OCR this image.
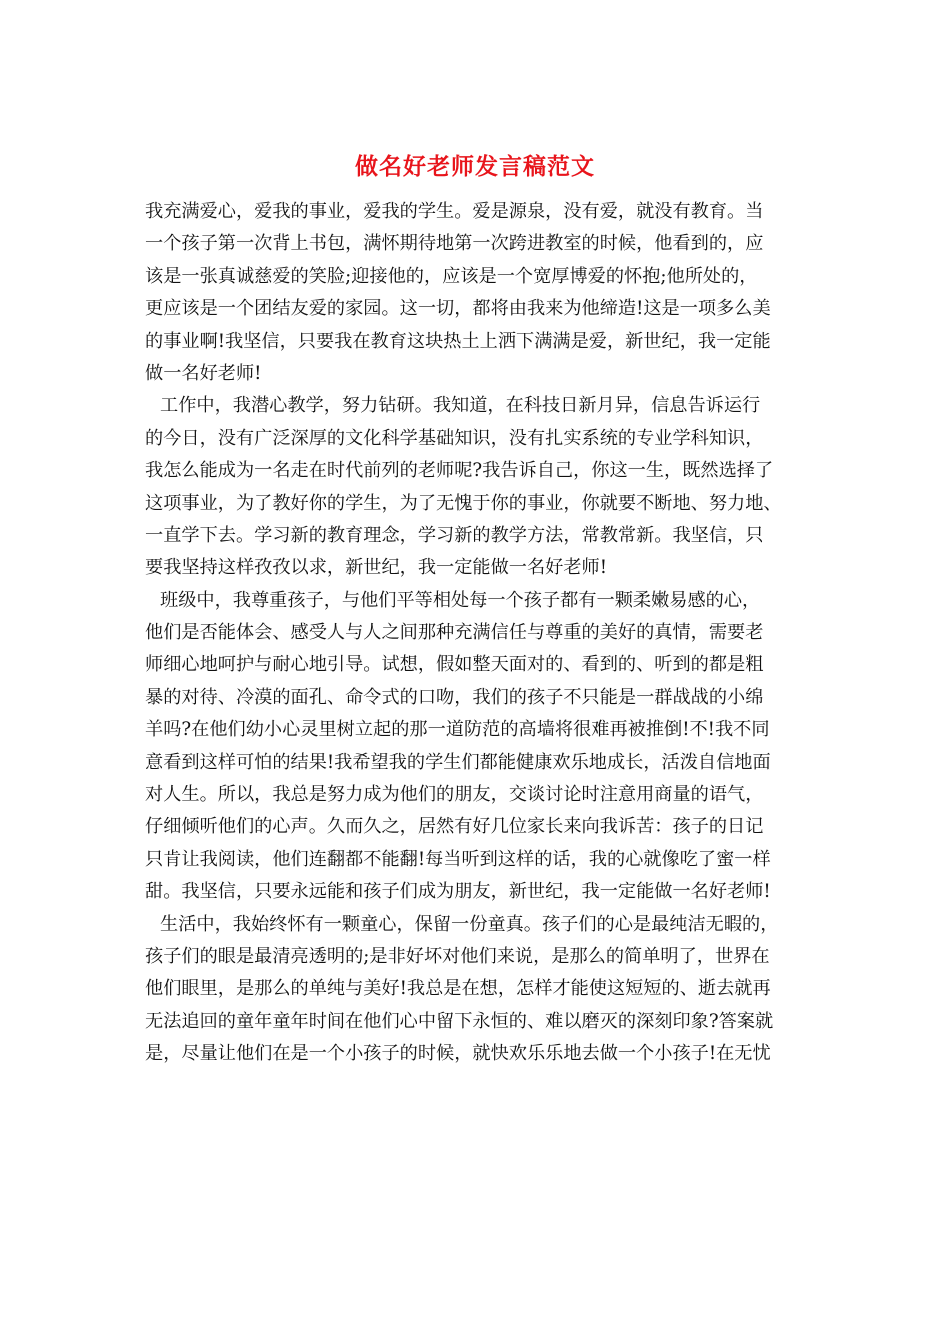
做名好老师发言稿范文
我充满爱心，爱我的事业，爱我的学生。爱是源泉，没有爱，就没有教育。当
一个孩子第一次背上书包，满怀期待地第一次跨进教室的时候，他看到的，应
该是一张真诚慈爱的笑脸;迎接他的，应该是一个宽厚博爱的怀抱;他所处的，
更应该是一个团结友爱的家园。这一切，都将由我来为他缔造!这是一项多么美
的事业啊!我坚信，只要我在教育这块热土上洒下满满是爱，新世纪，我一定能
做一名好老师!
工作中，我潜心教学，努力钻研。我知道，在科技日新月异，信息告诉运行
的今日，没有广泛深厚的文化科学基础知识，没有扎实系统的专业学科知识，
我怎么能成为一名走在时代前列的老师呢?我告诉自己，你这一生，既然选择了
这项事业，为了教好你的学生，为了无愧于你的事业，你就要不断地、努力地、
一直学下去。学习新的教育理念，学习新的教学方法，常教常新。我坚信，只
要我坚持这样孜孜以求，新世纪，我一定能做一名好老师!
班级中，我尊重孩子，与他们平等相处每一个孩子都有一颗柔嫩易感的心，
他们是否能体会、感受人与人之间那种充满信任与尊重的美好的真情，需要老
师细心地呵护与耐心地引导。试想，假如整天面对的、看到的、听到的都是粗
暴的对待、冷漠的面孔、命令式的口吻，我们的孩子不只能是一群战战的小绵
羊吗?在他们幼小心灵里树立起的那一道防范的高墙将很难再被推倒!不!我不同
意看到这样可怕的结果!我希望我的学生们都能健康欢乐地成长，活泼自信地面
对人生。所以，我总是努力成为他们的朋友，交谈讨论时注意用商量的语气，
仔细倾听他们的心声。久而久之，居然有好几位家长来向我诉苦：孩子的日记
只肯让我阅读，他们连翻都不能翻!每当听到这样的话，我的心就像吃了蜜一样
甜。我坚信，只要永远能和孩子们成为朋友，新世纪，我一定能做一名好老师!
生活中，我始终怀有一颗童心，保留一份童真。孩子们的心是最纯洁无暇的，
孩子们的眼是最清亮透明的;是非好坏对他们来说，是那么的简单明了，世界在
他们眼里，是那么的单纯与美好!我总是在想，怎样才能使这短短的、逝去就再
无法追回的童年童年时间在他们心中留下永恒的、难以磨灭的深刻印象?答案就
是，尽量让他们在是一个小孩子的时候，就快欢乐乐地去做一个小孩子!在无忧
